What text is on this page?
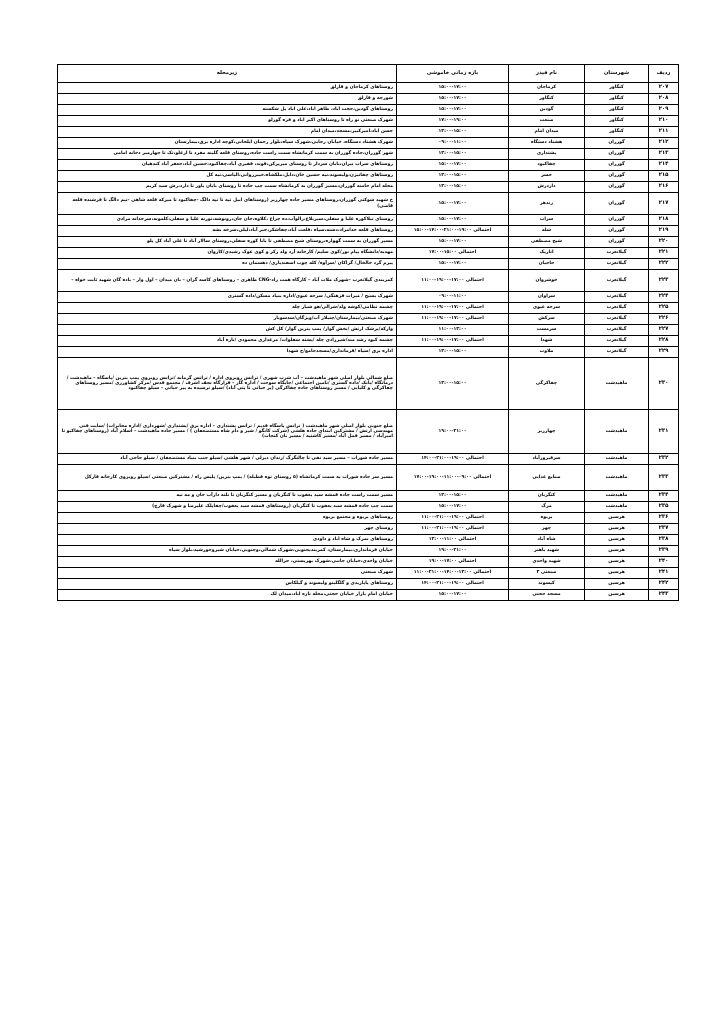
ردیف	شهرستان	نام فیدر	بازه زمانی خاموشی	زیرمحله
۲۰۷	کنگاور	کرماجان	۱۵:۰۰-۱۷:۰۰	روستاهای کرماجان و قارلق
۲۰۸	کنگاور	کنگاور	۱۵:۰۰-۱۷:۰۰	شورجه و قارلق
۲۰۹	کنگاور	گودین	۱۵:۰۰-۱۷:۰۰	روستاهای گودین،حجت اباد، طاهر اباد،علی اباد پل شکسته
۲۱۰	کنگاور	صنعت	۱۷:۰۰-۱۹:۰۰	شهرک صنعتی نو راه تا روستاهای اکبر اباد و فره گوزلو
۲۱۱	کنگاور	میدان امام	۱۳:۰۰-۱۵:۰۰	حسن اباد،امیرکبیر،مسجد،میدان امام
۲۱۲	گوزران	هشتاد دستگاه	۰۹:۰۰-۱۱:۰۰	شهرک هشتاد دستگاه، خیابان رجایی،شهرک سپاه،بلوار رحمان ایلخانی،کوچه اداره برق،بیمارستان
۲۱۳	گوزران	پشتداری	۱۳:۰۰-۱۵:۰۰	شهر گوزران،جاده گوزران به سمت کرمانشاه سمت راست جاده،روستای قلعه گلینه مقرد تا ازغلو،تک تا چهارمیر دخانه امامی
۲۱۴	گوزران	چقاکبود	۱۵:۰۰-۱۷:۰۰	روستاهای سراب نیران،بابان سردار تا روستای میرپرکن،قوند، فقیری آباد،چقاکبود،حسین آباد،جعفر آباد کندهیان
۲۱۵	گوزران	خسر	۱۳:۰۰-۱۵:۰۰	روستاهای چقانیژن،ولیسوند،نیه حسین خان،دایل،ملکشاه،خیبرروانی،الیاسی،تیه کل
۲۱۶	گوزران	داردرش	۱۳:۰۰-۱۵:۰۰	محله امام خامنه گوزران،مسیر گوزران به کرمانشاه سمت چپ جاده تا روستای بابان یاور تا دارد،رش سید کریم
۲۱۷	گوزران	زندهر	۱۵:۰۰-۱۷:۰۰	خ شهید شوکتی گوزران،روستاهای مسیر جاده چهارزبر (روستاهای ابیل تپه تا تپه دالگ -چقاکبود تا میرکه قلعه شاهی -تیم دالگ تا فرشنده قلعه قاضی)
۲۱۸	گوزران	سراب	۱۵:۰۰-۱۷:۰۰	روستای تیلاکوره علیا و سفلی،سیزبلاغ،زالوآب،ده چراغ ،کلاوه،جان جان،رونوشه،تورنه علیا و سفلی،کلمونه،سرخدانه مرادی
۲۱۹	گوزران	شله	احتمالی ۱۹:۰۰-۲۱:۰۰-۱۴:۰۰-۱۵:۰۰	روستاهای قلعه خدامراد،دشته،سپاه ،قلعت آباد،چقاشکر،جبر آباد،لیلی،سرخه بشه
۲۲۰	گوزران	شیخ مصطفی	۱۵:۰۰-۱۷:۰۰	مسیر گوزران به سمت گهواره،روستای شیخ مصطفی تا بابا کوره سفلی،روستای سالار آباد تا علی آباد کل پلو
۲۲۱	گیلانغرب	اتاریک	احتمالی ۱۵:۰۰-۱۷:۰۰	مهدیه/دانشگاه پیام نور/کوی سلیم/ کارخانه آرد ولد زکر و کوی عوک رشیدی/کاروان
۲۲۲	گیلانغرب	حاجیان	۱۵:۰۰-۱۷:۰۰	پیرم گرد خالخال/ گراکان /سرآوه/ کله چوب اسفندیاری/ دهسمان ده
۲۲۳	گیلانغرب	خوشروان	احتمالی ۱۷:۰۰-۱۹:۰۰-۱۱:۰۰	کمربندی گیلانغرب –شهرک ملات آباد – کارگاه همت زاد-CNG ظاهری – روستاهای کاسه گران – بان میدان – اول وار – باده گان شهید ثابت خواه –
۲۲۴	گیلانغرب	سراوان	۰۹:۰۰-۱۱:۰۰	شهرک بسیج / میراث فرهنگی/ سرخه عیوی/اداره بنیاد مسکن/داده گستری
۲۲۵	گیلانغرب	سرخه عیوی	احتمالی ۱۷:۰۰-۱۹:۰۰-۱۱:۰۰	چشمه نظامی/کوشه ولد/شرالی/هو شیار چله
۲۲۶	گیلانغرب	سرکش	احتمالی ۱۷:۰۰-۱۹:۰۰-۱۱:۰۰	شهرک صنعتی/بیمارستان/چنبلاز آب/ویژگان/سدسوبار
۲۲۷	گیلانغرب	سرمست	۱۱:۰۰-۱۳:۰۰	وارکه/پرشک ارتش /بخش گوار/ پمپ بنزین گوار/ کل کش
۲۲۸	گیلانغرب	شهدا	احتمالی ۱۷:۰۰-۱۹:۰۰-۱۱:۰۰	چشمه کبود رشد مند/شیرزادی چله /پشته سفلوات/ مرغداری محمودی /تازه آباد
۲۲۹	گیلانغرب	ملاوت	۱۳:۰۰-۱۵:۰۰	اداره برق /سپاه /فرمانداری/مسجدجامع/خ شهدا
۲۳۰	ماهیدشت	چقاکرگی	۱۳:۰۰-۱۵:۰۰	ضلع شمالی بلوار اصلی شهر ماهیدشت – آب شرب شهری / ترانس روبروی اداره / ترانس گرمابه /ترانس روبروی پمپ بنزین /پاسگاه – ماهیدشت / درمانگاه /بانک /داده گستری /تامین اجتماعی /جایگاه سوخت / اداره گاز – قرارگاه نجف اشرف / مجتمع قدس /مرکز کشاورزی /مسیر روستاهای چقاکرگی و کلیایی / مسیر روستاهای جاده چقاکرگی (پر حیاتی تا پتی آباد) /سیلو نرسیده به پیر حیاتی – سیلو چقاکبود
۲۳۱	ماهیدشت	چهارزبر	۱۹:۰۰-۲۱:۰۰	ضلع جنوبی بلوار اصلی شهر ماهیدشت ( ترانس پاسگاه قدیم / ترانس پشتداری – اداره برق /پشتداری /شهرداری /اداره مخابرات) /سایت فنی مهندسی ارتش / مشترکین ابتدای جاده هلشی (شرکت کانگو / شیر و دام شاه مستضعفان ) / مسیر جاده ماهیدشت – اسلام آباد (روستاهای چقاکبو تا امیرآباد / مسیر قمل آباد /مسیر کاشتیه / مسیر بان کنجاب)
۲۳۲	ماهیدشت	سرفیروزآباد	احتمالی ۱۹:۰۰-۲۱:۰۰-۱۴:۰۰	مسیر جاده شوراب – مسیر سید نقی تا چالنگرگ /زندان دیزلی / شهر هلشی /سیلو جنب بنیاد مستضعفان / سیلو حاجی آباد
۲۳۳	ماهیدشت	صنایع غذایی	احتمالی ۰۹:۰۰-۱۱:۰۰-۱۹:۰۰-۱۷:۰۰	مسیر سر جاده شوراب به سمت کرمانشاه (۵ روستای توه قطبله) / پمپ بنزین/ پلیس راه / مشترکین صنعتی /سیلو روبروی کارخانه قارکل
۲۳۴	ماهیدشت	کنگربان	۱۳:۰۰-۱۵:۰۰	مسیر سمت راست جاده قمشه سید یعقوب تا کنگربان و مسیر کنگربان تا تلته دارآب خان و مه تیه
۲۳۵	ماهیدشت	مرگ	۱۵:۰۰-۱۷:۰۰	سمت چپ جاده قمشه سید یعقوب تا کنگربان (روستاهای قمشه سید یعقوب/چقاپلک علیرضا و شهرک قارچ)
۲۳۶	هرسین	بربوه	احتمالی ۱۹:۰۰-۲۱:۰۰-۱۱:۰۰	روستاهای بربوه و مجتمع بربوه
۲۳۷	هرسین	چهر	احتمالی ۱۹:۰۰-۲۱:۰۰-۱۱:۰۰	روستای چهر
۲۳۸	هرسین	شاه آباد	احتمالی ۱۱:۰۰-۱۳:۰۰	روستاهای نمرک و شاه اباد و داودی
۲۳۹	هرسین	شهید باهنر	۱۹:۰۰-۲۱:۰۰	خیابان فرمانداری،بیمارستان، کمربندیجنوبی،شهرک شمالی،وجنوبی،خیابان شیروخورشید،بلوار سپاه
۲۴۰	هرسین	شهید واحدی	احتمالی ۱۷:۰۰-۱۹:۰۰	خیابان واحدی،خیابان جانبی،شهرک بهزیستی، جرالله
۲۴۱	هرسین	صنعتی ۲	احتمالی ۱۳:۰۰-۱۴:۰۰-۲۱:۰۰-۱۱:۰۰	شهرک صنعتی
۲۴۲	هرسین	کیسوند	احتمالی ۱۹:۰۰-۲۱:۰۰-۱۴:۰۰	روستاهای پاپازیدی و گلگلبتو ولیسوند و گیلکاس
۲۴۳	هرسین	مسجد حجتی	۱۵:۰۰-۱۷:۰۰	خیابان امام بازار خیابان حجتی،محله تازه اباد،میدان لک
